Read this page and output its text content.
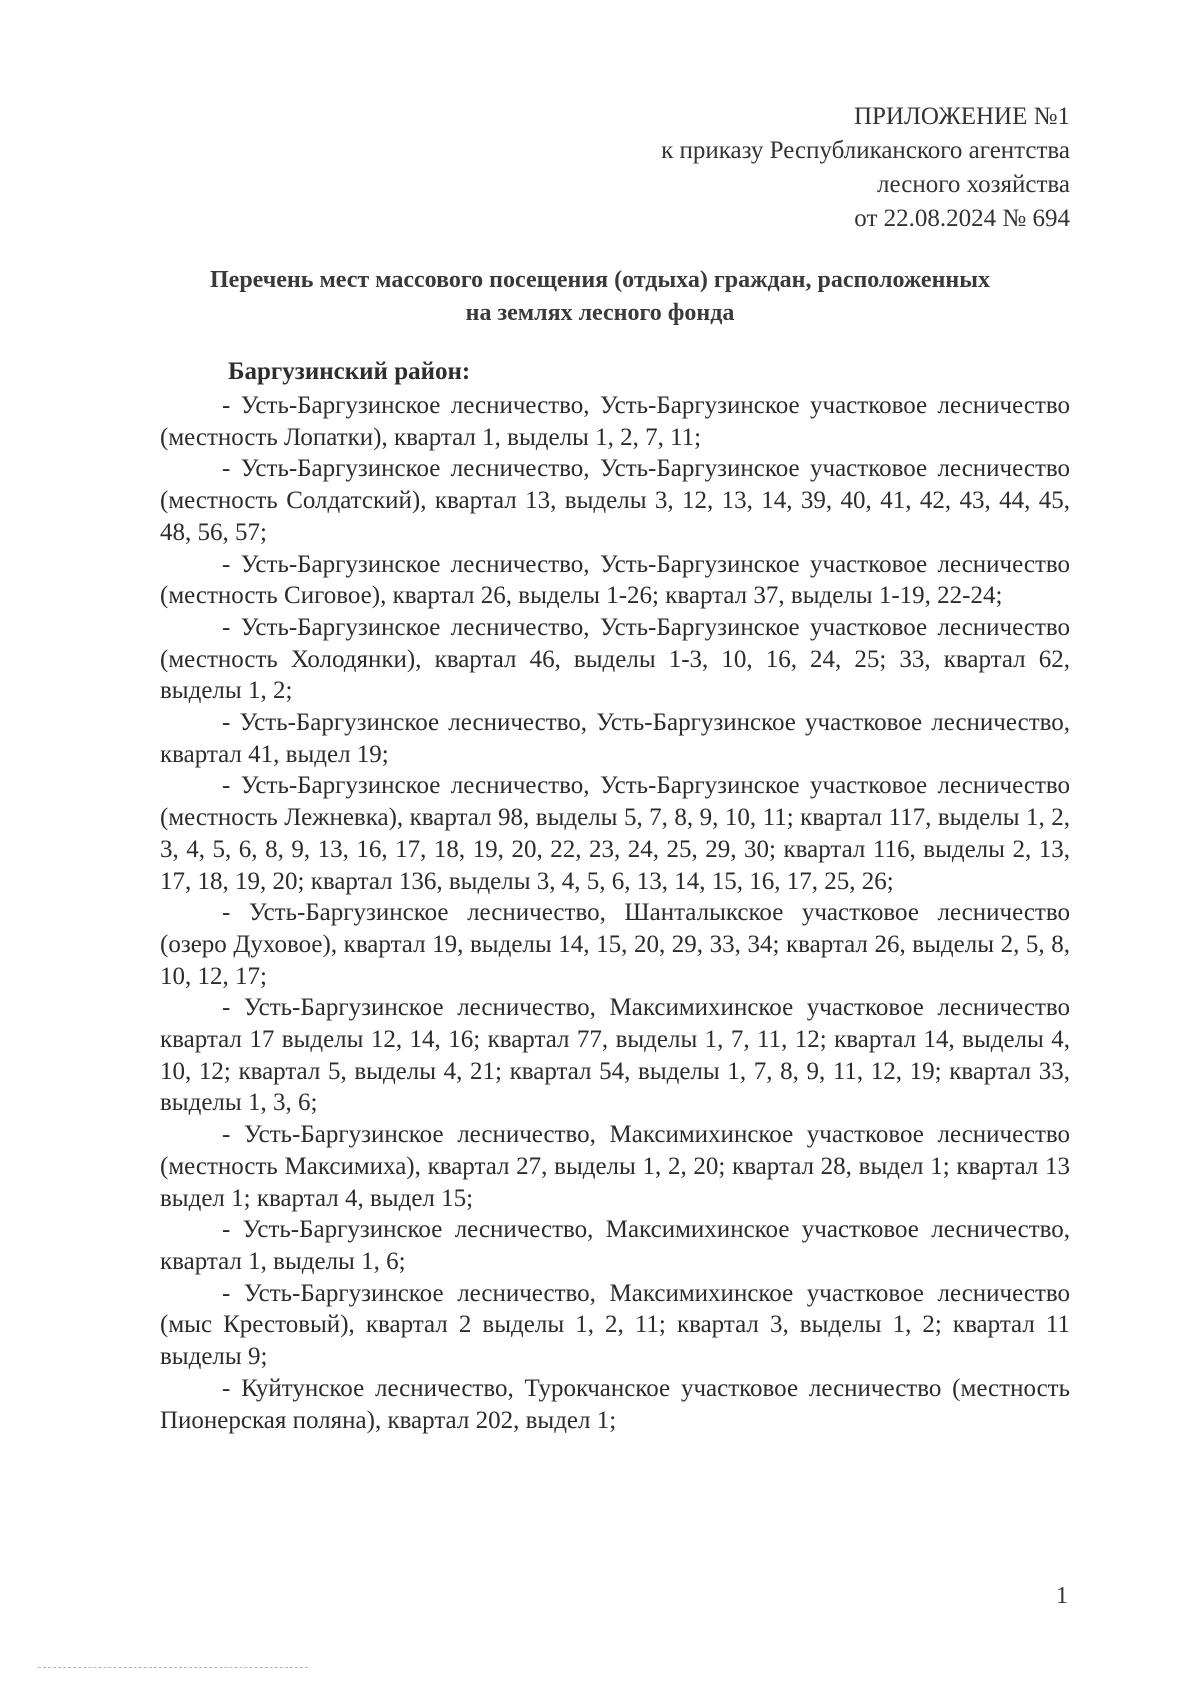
ПРИЛОЖЕНИЕ №1
к приказу Республиканского агентства
лесного хозяйства
от 22.08.2024 № 694
Перечень мест массового посещения (отдыха) граждан, расположенных
на землях лесного фонда
Баргузинский район:

- Усть-Баргузинское лесничество, Усть-Баргузинское участковое лесничество (местность Лопатки), квартал 1, выделы 1, 2, 7, 11;

- Усть-Баргузинское лесничество, Усть-Баргузинское участковое лесничество (местность Солдатский), квартал 13, выделы 3, 12, 13, 14, 39, 40, 41, 42, 43, 44, 45, 48, 56, 57;

- Усть-Баргузинское лесничество, Усть-Баргузинское участковое лесничество (местность Сиговое), квартал 26, выделы 1-26; квартал 37, выделы 1-19, 22-24;

- Усть-Баргузинское лесничество, Усть-Баргузинское участковое лесничество (местность Холодянки), квартал 46, выделы 1-3, 10, 16, 24, 25; 33, квартал 62, выделы 1, 2;

- Усть-Баргузинское лесничество, Усть-Баргузинское участковое лесничество, квартал 41, выдел 19;

- Усть-Баргузинское лесничество, Усть-Баргузинское участковое лесничество (местность Лежневка), квартал 98, выделы 5, 7, 8, 9, 10, 11; квартал 117, выделы 1, 2, 3, 4, 5, 6, 8, 9, 13, 16, 17, 18, 19, 20, 22, 23, 24, 25, 29, 30; квартал 116, выделы 2, 13, 17, 18, 19, 20; квартал 136, выделы 3, 4, 5, 6, 13, 14, 15, 16, 17, 25, 26;

- Усть-Баргузинское лесничество, Шанталыкское участковое лесничество (озеро Духовое), квартал 19, выделы 14, 15, 20, 29, 33, 34; квартал 26, выделы 2, 5, 8, 10, 12, 17;

- Усть-Баргузинское лесничество, Максимихинское участковое лесничество квартал 17 выделы 12, 14, 16; квартал 77, выделы 1, 7, 11, 12; квартал 14, выделы 4, 10, 12; квартал 5, выделы 4, 21; квартал 54, выделы 1, 7, 8, 9, 11, 12, 19; квартал 33, выделы 1, 3, 6;

- Усть-Баргузинское лесничество, Максимихинское участковое лесничество (местность Максимиха), квартал 27, выделы 1, 2, 20; квартал 28, выдел 1; квартал 13 выдел 1; квартал 4, выдел 15;

- Усть-Баргузинское лесничество, Максимихинское участковое лесничество, квартал 1, выделы 1, 6;

- Усть-Баргузинское лесничество, Максимихинское участковое лесничество (мыс Крестовый), квартал 2 выделы 1, 2, 11; квартал 3, выделы 1, 2; квартал 11 выделы 9;

- Куйтунское лесничество, Турокчанское участковое лесничество (местность Пионерская поляна), квартал 202, выдел 1;

1
